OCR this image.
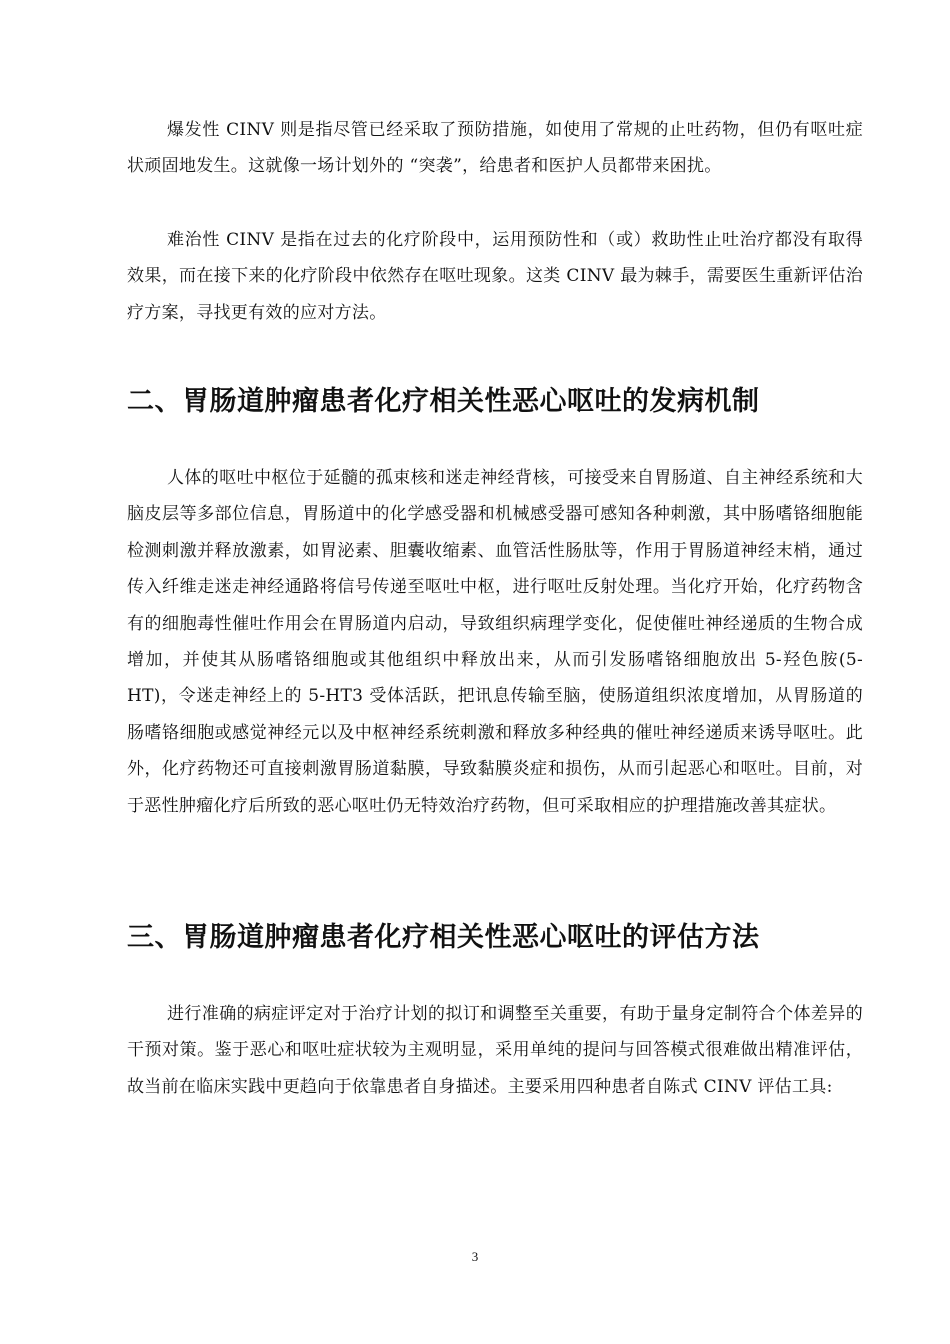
爆发性 CINV 则是指尽管已经采取了预防措施，如使用了常规的止吐药物，但仍有呕吐症状顽固地发生。这就像一场计划外的 “突袭”，给患者和医护人员都带来困扰。

难治性 CINV 是指在过去的化疗阶段中，运用预防性和（或）救助性止吐治疗都没有取得效果，而在接下来的化疗阶段中依然存在呕吐现象。这类 CINV 最为棘手，需要医生重新评估治疗方案，寻找更有效的应对方法。

二、胃肠道肿瘤患者化疗相关性恶心呕吐的发病机制

人体的呕吐中枢位于延髓的孤束核和迷走神经背核，可接受来自胃肠道、自主神经系统和大脑皮层等多部位信息，胃肠道中的化学感受器和机械感受器可感知各种刺激，其中肠嗜铬细胞能检测刺激并释放激素，如胃泌素、胆囊收缩素、血管活性肠肽等，作用于胃肠道神经末梢，通过传入纤维走迷走神经通路将信号传递至呕吐中枢，进行呕吐反射处理。当化疗开始，化疗药物含有的细胞毒性催吐作用会在胃肠道内启动，导致组织病理学变化，促使催吐神经递质的生物合成增加，并使其从肠嗜铬细胞或其他组织中释放出来，从而引发肠嗜铬细胞放出 5-羟色胺(5-HT)，令迷走神经上的 5-HT3 受体活跃，把讯息传输至脑，使肠道组织浓度增加，从胃肠道的肠嗜铬细胞或感觉神经元以及中枢神经系统刺激和释放多种经典的催吐神经递质来诱导呕吐。此外，化疗药物还可直接刺激胃肠道黏膜，导致黏膜炎症和损伤，从而引起恶心和呕吐。目前，对于恶性肿瘤化疗后所致的恶心呕吐仍无特效治疗药物，但可采取相应的护理措施改善其症状。

三、胃肠道肿瘤患者化疗相关性恶心呕吐的评估方法

进行准确的病症评定对于治疗计划的拟订和调整至关重要，有助于量身定制符合个体差异的干预对策。鉴于恶心和呕吐症状较为主观明显，采用单纯的提问与回答模式很难做出精准评估，故当前在临床实践中更趋向于依靠患者自身描述。主要采用四种患者自陈式 CINV 评估工具:

3
